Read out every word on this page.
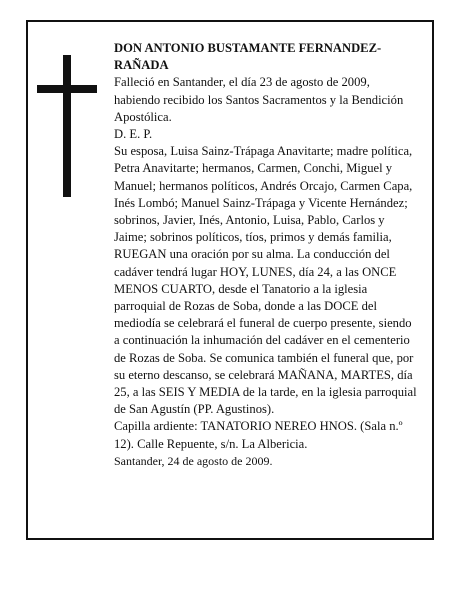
DON ANTONIO BUSTAMANTE FERNANDEZ-RAÑADA

Falleció en Santander, el día 23 de agosto de 2009, habiendo recibido los Santos Sacramentos y la Bendición Apostólica.

D. E. P.

Su esposa, Luisa Sainz-Trápaga Anavitarte; madre política, Petra Anavitarte; hermanos, Carmen, Conchi, Miguel y Manuel; hermanos políticos, Andrés Orcajo, Carmen Capa, Inés Lombó; Manuel Sainz-Trápaga y Vicente Hernández; sobrinos, Javier, Inés, Antonio, Luisa, Pablo, Carlos y Jaime; sobrinos políticos, tíos, primos y demás familia,

RUEGAN una oración por su alma. La conducción del cadáver tendrá lugar HOY, LUNES, día 24, a las ONCE MENOS CUARTO, desde el Tanatorio a la iglesia parroquial de Rozas de Soba, donde a las DOCE del mediodía se celebrará el funeral de cuerpo presente, siendo a continuación la inhumación del cadáver en el cementerio de Rozas de Soba. Se comunica también el funeral que, por su eterno descanso, se celebrará MAÑANA, MARTES, día 25, a las SEIS Y MEDIA de la tarde, en la iglesia parroquial de San Agustín (PP. Agustinos).

Capilla ardiente: TANATORIO NEREO HNOS. (Sala n.º 12). Calle Repuente, s/n. La Albericia.

Santander, 24 de agosto de 2009.
